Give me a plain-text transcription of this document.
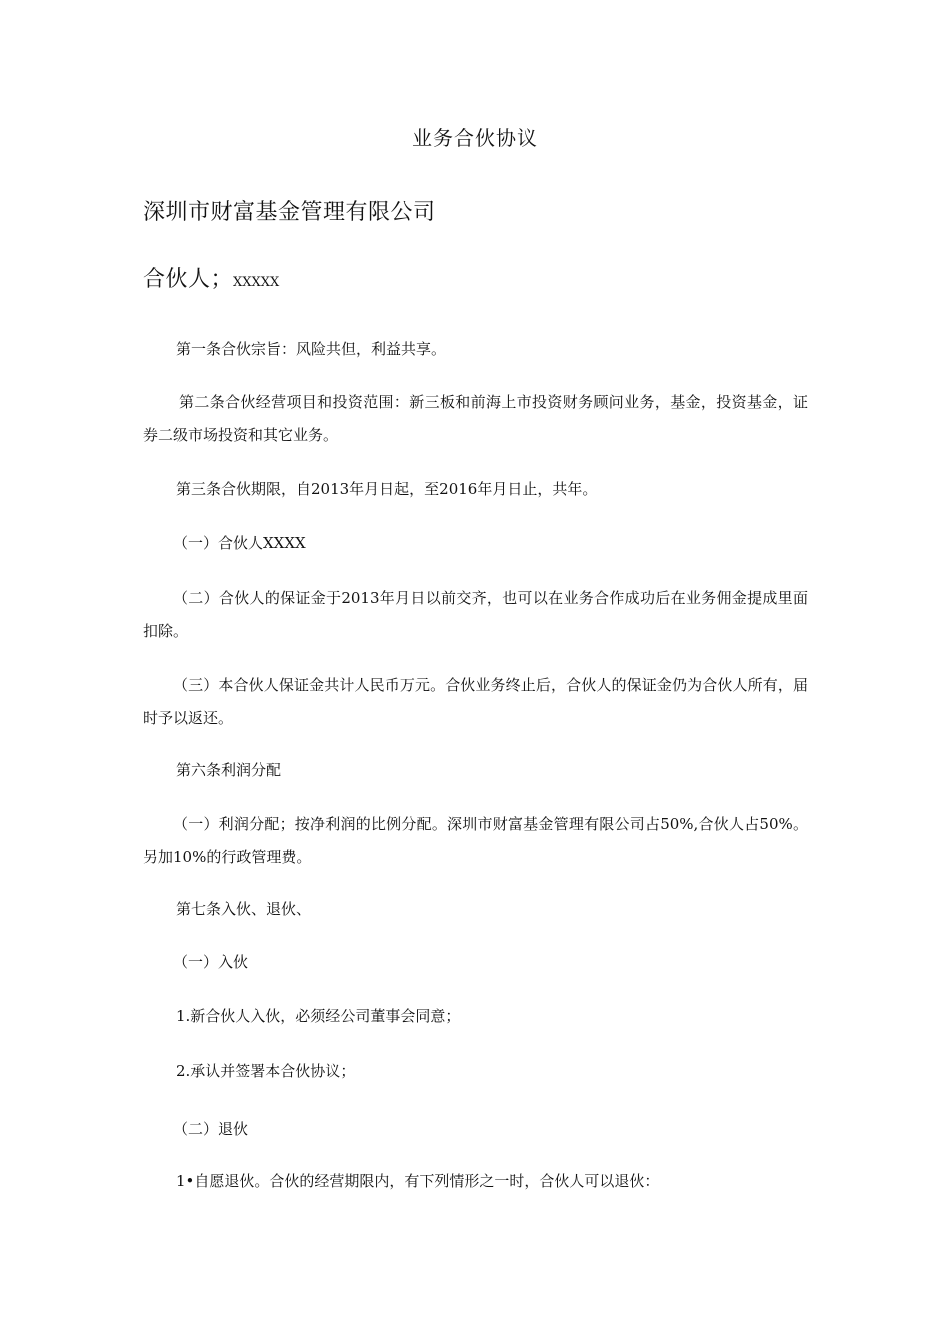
业务合伙协议
深圳市财富基金管理有限公司
合伙人；XXXXX
第一条合伙宗旨：风险共但，利益共享。
第二条合伙经营项目和投资范围：新三板和前海上市投资财务顾问业务，基金，投资基金，证券二级市场投资和其它业务。
第三条合伙期限，自2013年月日起，至2016年月日止，共年。
（一）合伙人XXXX
（二）合伙人的保证金于2013年月日以前交齐，也可以在业务合作成功后在业务佣金提成里面扣除。
（三）本合伙人保证金共计人民币万元。合伙业务终止后，合伙人的保证金仍为合伙人所有，届时予以返还。
第六条利润分配
（一）利润分配；按净利润的比例分配。深圳市财富基金管理有限公司占50%,合伙人占50%。另加10%的行政管理费。
第七条入伙、退伙、
（一）入伙
1.新合伙人入伙，必须经公司董事会同意；
2.承认并签署本合伙协议；
（二）退伙
1•自愿退伙。合伙的经营期限内，有下列情形之一时，合伙人可以退伙：
